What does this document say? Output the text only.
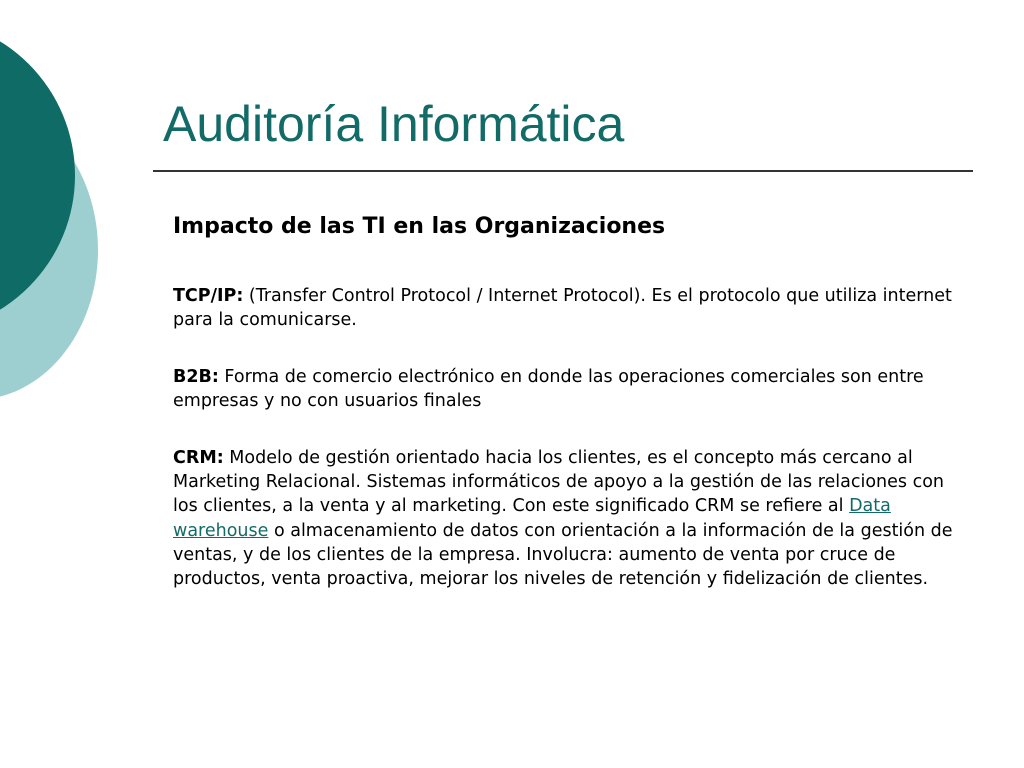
Auditoría Informática
Impacto de las TI en las Organizaciones

TCP/IP: (Transfer Control Protocol / Internet Protocol). Es el protocolo que utiliza internet para la comunicarse.

B2B: Forma de comercio electrónico en donde las operaciones comerciales son entre empresas y no con usuarios finales

CRM: Modelo de gestión orientado hacia los clientes, es el concepto más cercano al Marketing Relacional. Sistemas informáticos de apoyo a la gestión de las relaciones con los clientes, a la venta y al marketing. Con este significado CRM se refiere al Data warehouse o almacenamiento de datos con orientación a la información de la gestión de ventas, y de los clientes de la empresa. Involucra: aumento de venta por cruce de productos, venta proactiva, mejorar los niveles de retención y fidelización de clientes.
